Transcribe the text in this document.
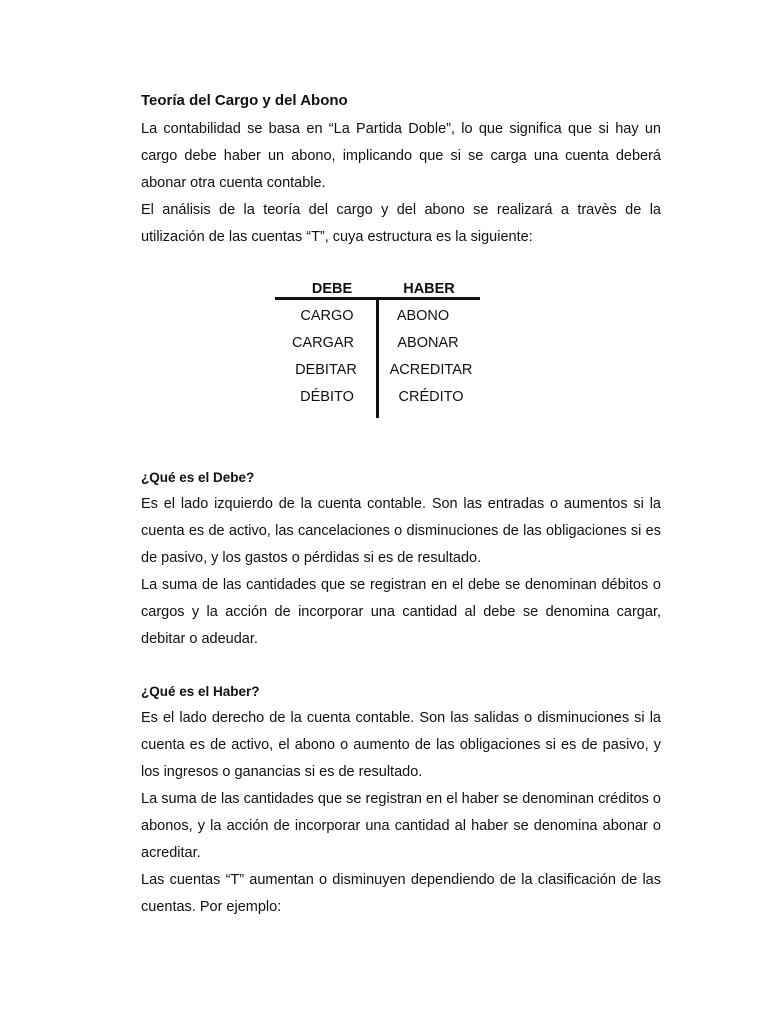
Teoría del Cargo y del Abono

La contabilidad se basa en “La Partida Doble”, lo que significa que si hay un cargo debe haber un abono, implicando que si se carga una cuenta deberá abonar otra cuenta contable.

El análisis de la teoría del cargo y del abono se realizará a travès de la utilización de las cuentas “T”, cuya estructura es la siguiente:

DEBE	HABER
CARGO
CARGAR
DEBITAR
DÉBITO
ABONO
ABONAR
ACREDITAR
CRÉDITO

¿Qué es el Debe?

Es el lado izquierdo de la cuenta contable. Son las entradas o aumentos si la cuenta es de activo, las cancelaciones o disminuciones de las obligaciones si es de pasivo, y los gastos o pérdidas si es de resultado.

La suma de las cantidades que se registran en el debe se denominan débitos o cargos y la acción de incorporar una cantidad al debe se denomina cargar, debitar o adeudar.

¿Qué es el Haber?

Es el lado derecho de la cuenta contable. Son las salidas o disminuciones si la cuenta es de activo, el abono o aumento de las obligaciones si es de pasivo, y los ingresos o ganancias si es de resultado.

La suma de las cantidades que se registran en el haber se denominan créditos o abonos, y la acción de incorporar una cantidad al haber se denomina abonar o acreditar.

Las cuentas “T” aumentan o disminuyen dependiendo de la clasificación de las cuentas. Por ejemplo:
